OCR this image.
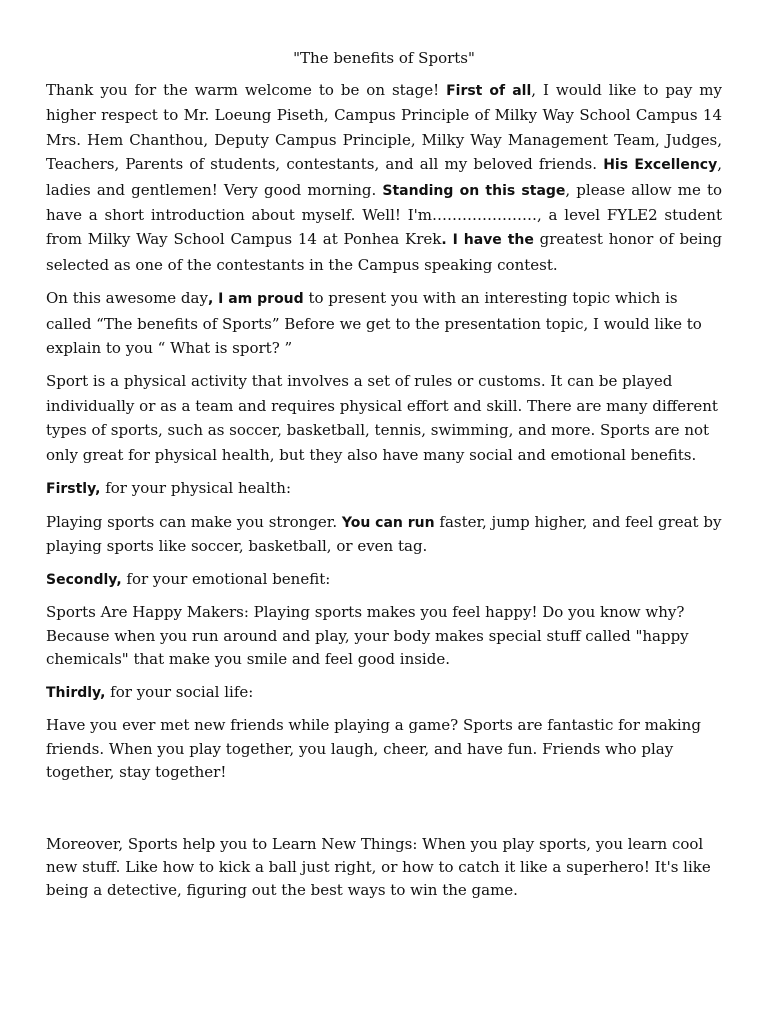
"The benefits of Sports"

Thank you for the warm welcome to be on stage! First of all, I would like to pay my higher respect to Mr. Loeung Piseth, Campus Principle of Milky Way School Campus 14 Mrs. Hem Chanthou, Deputy Campus Principle, Milky Way Management Team, Judges, Teachers, Parents of students, contestants, and all my beloved friends. His Excellency, ladies and gentlemen! Very good morning. Standing on this stage, please allow me to have a short introduction about myself. Well! I'm…………………, a level FYLE2 student from Milky Way School Campus 14 at Ponhea Krek. I have the greatest honor of being selected as one of the contestants in the Campus speaking contest.

On this awesome day, I am proud to present you with an interesting topic which is called “The benefits of Sports” Before we get to the presentation topic, I would like to explain to you “ What is sport? ”

Sport is a physical activity that involves a set of rules or customs. It can be played individually or as a team and requires physical effort and skill. There are many different types of sports, such as soccer, basketball, tennis, swimming, and more. Sports are not only great for physical health, but they also have many social and emotional benefits.

Firstly, for your physical health:

Playing sports can make you stronger. You can run faster, jump higher, and feel great by playing sports like soccer, basketball, or even tag.

Secondly, for your emotional benefit:

Sports Are Happy Makers: Playing sports makes you feel happy! Do you know why? Because when you run around and play, your body makes special stuff called "happy chemicals" that make you smile and feel good inside.

Thirdly, for your social life:

Have you ever met new friends while playing a game? Sports are fantastic for making friends. When you play together, you laugh, cheer, and have fun. Friends who play together, stay together!

Moreover, Sports help you to Learn New Things: When you play sports, you learn cool new stuff. Like how to kick a ball just right, or how to catch it like a superhero! It's like being a detective, figuring out the best ways to win the game.
